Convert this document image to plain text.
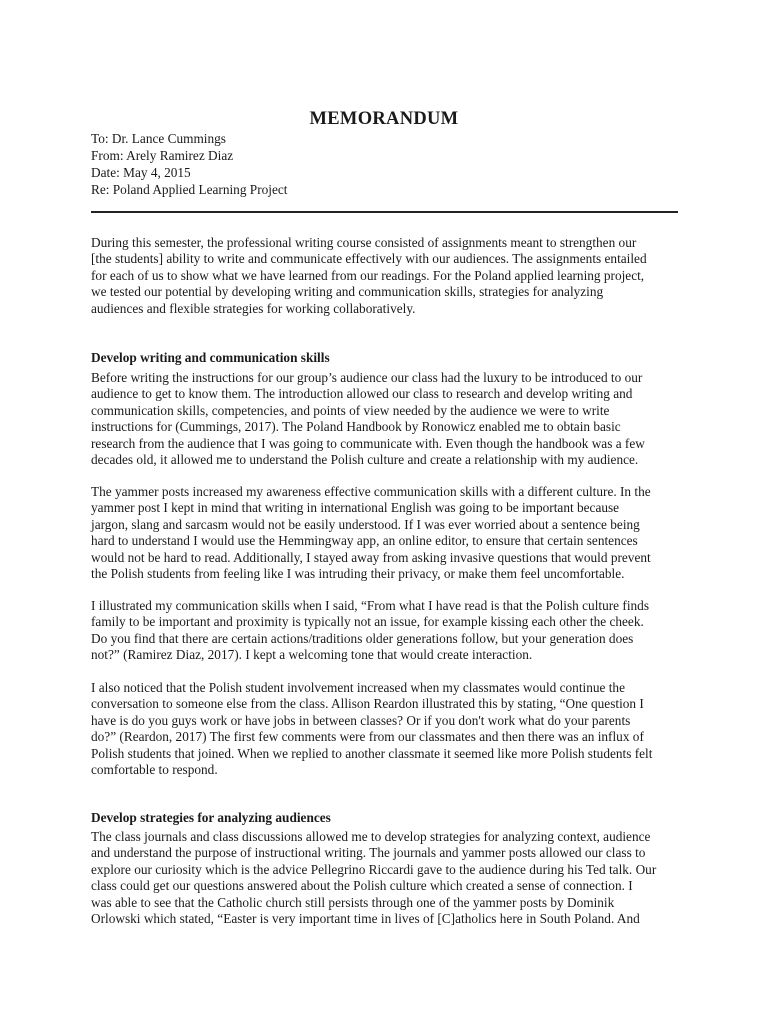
MEMORANDUM
To: Dr. Lance Cummings
From: Arely Ramirez Diaz
Date: May 4, 2015
Re: Poland Applied Learning Project

During this semester, the professional writing course consisted of assignments meant to strengthen our
[the students] ability to write and communicate effectively with our audiences. The assignments entailed
for each of us to show what we have learned from our readings. For the Poland applied learning project,
we tested our potential by developing writing and communication skills, strategies for analyzing
audiences and flexible strategies for working collaboratively.

Develop writing and communication skills

Before writing the instructions for our group’s audience our class had the luxury to be introduced to our
audience to get to know them. The introduction allowed our class to research and develop writing and
communication skills, competencies, and points of view needed by the audience we were to write
instructions for (Cummings, 2017). The Poland Handbook by Ronowicz enabled me to obtain basic
research from the audience that I was going to communicate with. Even though the handbook was a few
decades old, it allowed me to understand the Polish culture and create a relationship with my audience.

The yammer posts increased my awareness effective communication skills with a different culture. In the
yammer post I kept in mind that writing in international English was going to be important because
jargon, slang and sarcasm would not be easily understood. If I was ever worried about a sentence being
hard to understand I would use the Hemmingway app, an online editor, to ensure that certain sentences
would not be hard to read. Additionally, I stayed away from asking invasive questions that would prevent
the Polish students from feeling like I was intruding their privacy, or make them feel uncomfortable.

I illustrated my communication skills when I said, “From what I have read is that the Polish culture finds
family to be important and proximity is typically not an issue, for example kissing each other the cheek.
Do you find that there are certain actions/traditions older generations follow, but your generation does
not?” (Ramirez Diaz, 2017). I kept a welcoming tone that would create interaction.

I also noticed that the Polish student involvement increased when my classmates would continue the
conversation to someone else from the class. Allison Reardon illustrated this by stating, “One question I
have is do you guys work or have jobs in between classes? Or if you don't work what do your parents
do?” (Reardon, 2017) The first few comments were from our classmates and then there was an influx of
Polish students that joined. When we replied to another classmate it seemed like more Polish students felt
comfortable to respond.

Develop strategies for analyzing audiences

The class journals and class discussions allowed me to develop strategies for analyzing context, audience
and understand the purpose of instructional writing. The journals and yammer posts allowed our class to
explore our curiosity which is the advice Pellegrino Riccardi gave to the audience during his Ted talk. Our
class could get our questions answered about the Polish culture which created a sense of connection. I
was able to see that the Catholic church still persists through one of the yammer posts by Dominik
Orlowski which stated, “Easter is very important time in lives of [C]atholics here in South Poland. And
